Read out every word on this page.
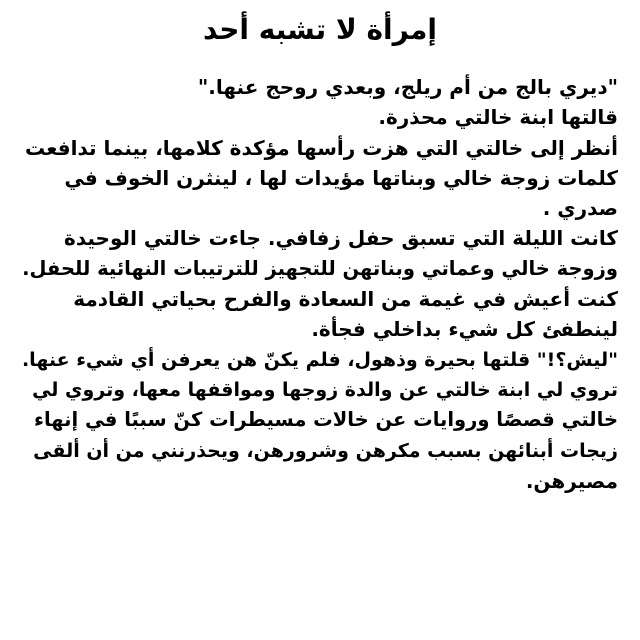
إمرأة لا تشبه أحد
"ديري بالج من أم ريلج، وبعدي روحج عنها."
قالتها ابنة خالتي محذرة.
أنظر إلى خالتي التي هزت رأسها مؤكدة كلامها، بينما تدافعت
كلمات زوجة خالي وبناتها مؤيدات لها ، لينثرن الخوف في
صدري .
كانت الليلة التي تسبق حفل زفافي. جاءت خالتي الوحيدة
وزوجة خالي وعماتي وبناتهن للتجهيز للترتيبات النهائية للحفل.
كنت أعيش في غيمة من السعادة والفرح بحياتي القادمة
لينطفئ كل شيء بداخلي فجأة.
"ليش؟!" قلتها بحيرة وذهول، فلم يكنّ هن يعرفن أي شيء عنها.
تروي لي ابنة خالتي عن والدة زوجها ومواقفها معها، وتروي لي
خالتي قصصًا وروايات عن خالات مسيطرات كنّ سببًا في إنهاء
زيجات أبنائهن بسبب مكرهن وشرورهن، ويحذرنني من أن ألقى
مصيرهن.
